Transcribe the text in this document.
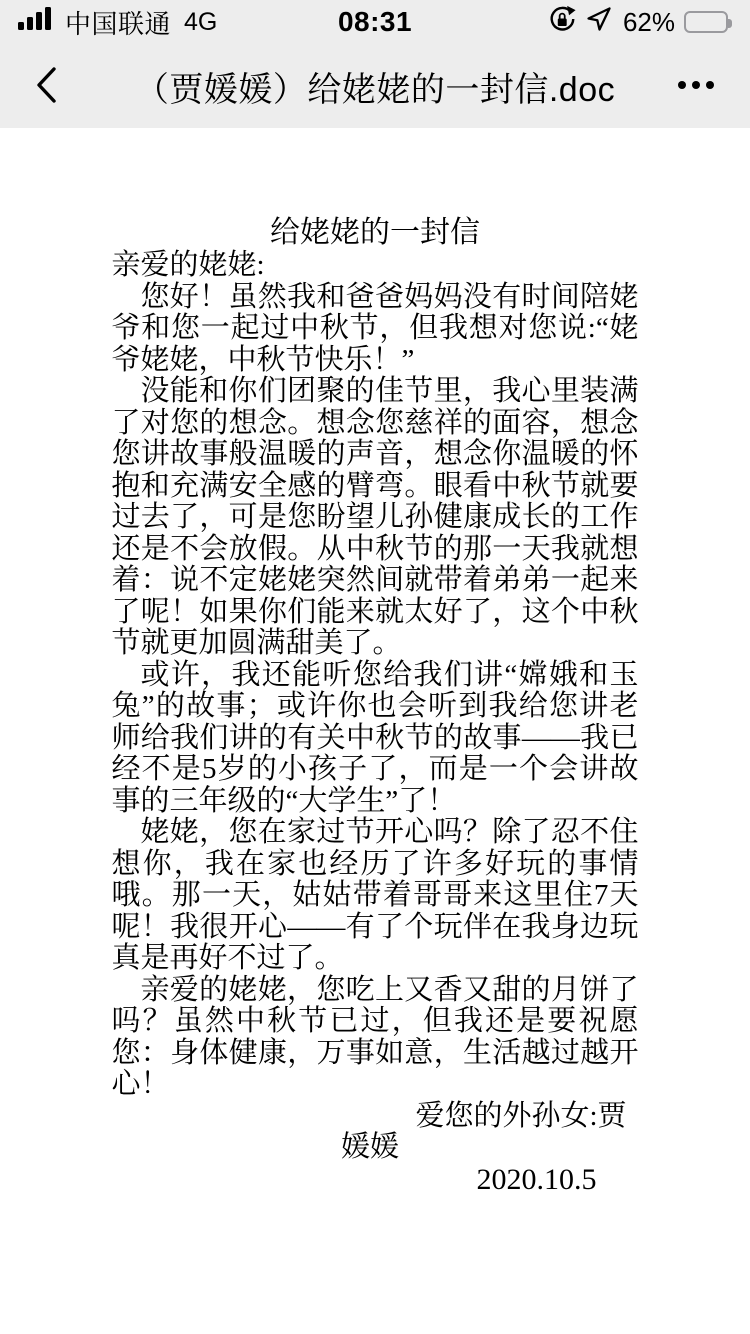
中国联通 4G	08:31	62%
（贾媛媛）给姥姥的一封信.doc
给姥姥的一封信
亲爱的姥姥:
您好！虽然我和爸爸妈妈没有时间陪姥爷和您一起过中秋节，但我想对您说:“姥爷姥姥，中秋节快乐！”
没能和你们团聚的佳节里，我心里装满了对您的想念。想念您慈祥的面容，想念您讲故事般温暖的声音，想念你温暖的怀抱和充满安全感的臂弯。眼看中秋节就要过去了，可是您盼望儿孙健康成长的工作还是不会放假。从中秋节的那一天我就想着：说不定姥姥突然间就带着弟弟一起来了呢！如果你们能来就太好了，这个中秋节就更加圆满甜美了。
或许，我还能听您给我们讲“嫦娥和玉兔”的故事；或许你也会听到我给您讲老师给我们讲的有关中秋节的故事——我已经不是5岁的小孩子了，而是一个会讲故事的三年级的“大学生”了！
姥姥，您在家过节开心吗？除了忍不住想你，我在家也经历了许多好玩的事情哦。那一天，姑姑带着哥哥来这里住7天呢！我很开心——有了个玩伴在我身边玩真是再好不过了。
亲爱的姥姥，您吃上又香又甜的月饼了吗？虽然中秋节已过，但我还是要祝愿您：身体健康，万事如意，生活越过越开心！
爱您的外孙女:贾
媛媛
2020.10.5
